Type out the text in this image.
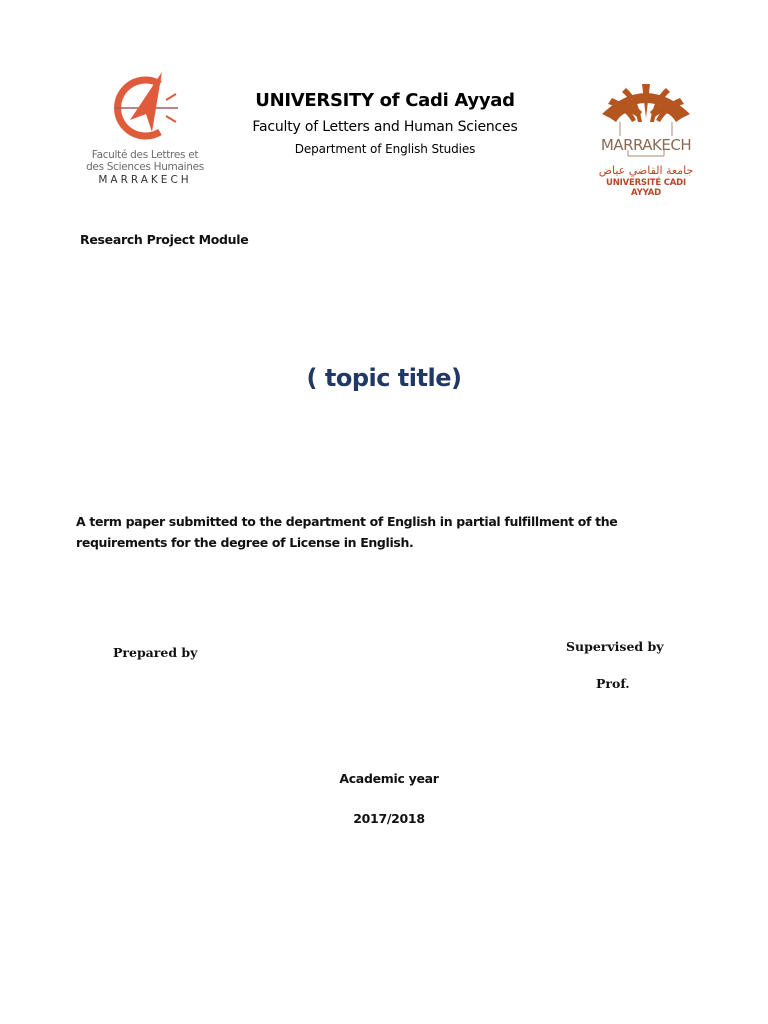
Faculté des Lettres et
des Sciences Humaines
MARRAKECH
UNIVERSITY of Cadi Ayyad
Faculty of Letters and Human Sciences
Department of English Studies	MARRAKECH
جامعة القاضي عياض
UNIVERSITÉ CADI AYYAD
Research Project Module
( topic title)
A term paper submitted to the department of English in partial fulfillment of the requirements for the degree of License in English.
Prepared by	Supervised by
Prof.
Academic year
2017/2018
